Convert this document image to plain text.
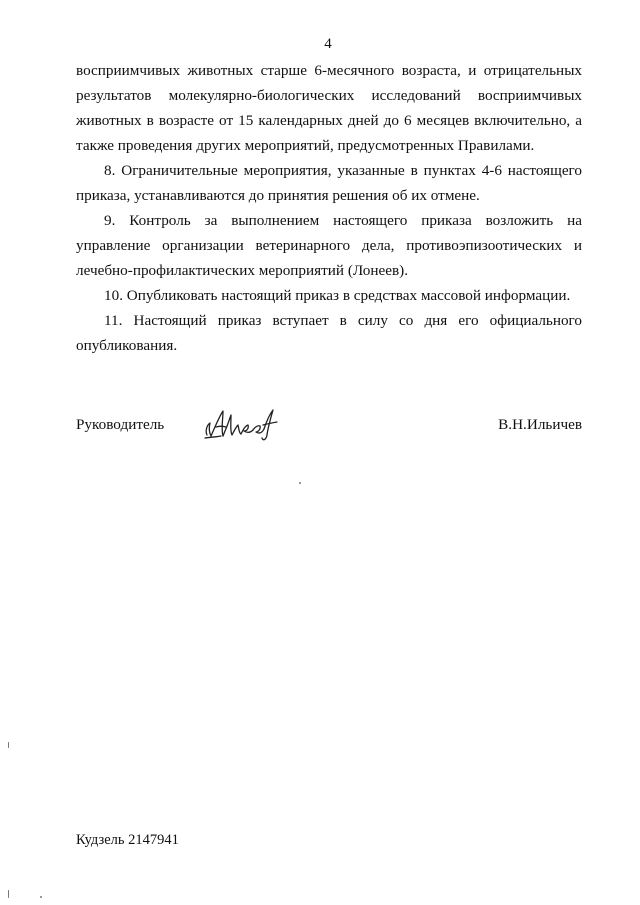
4

восприимчивых животных старше 6-месячного возраста, и отрицательных результатов молекулярно-биологических исследований восприимчивых животных в возрасте от 15 календарных дней до 6 месяцев включительно, а также проведения других мероприятий, предусмотренных Правилами.

8. Ограничительные мероприятия, указанные в пунктах 4-6 настоящего приказа, устанавливаются до принятия решения об их отмене.

9. Контроль за выполнением настоящего приказа возложить на управление организации ветеринарного дела, противоэпизоотических и лечебно-профилактических мероприятий (Лонеев).

10. Опубликовать настоящий приказ в средствах массовой информации.

11. Настоящий приказ вступает в силу со дня его официального опубликования.

Руководитель	В.Н.Ильичев
Кудзель 2147941
